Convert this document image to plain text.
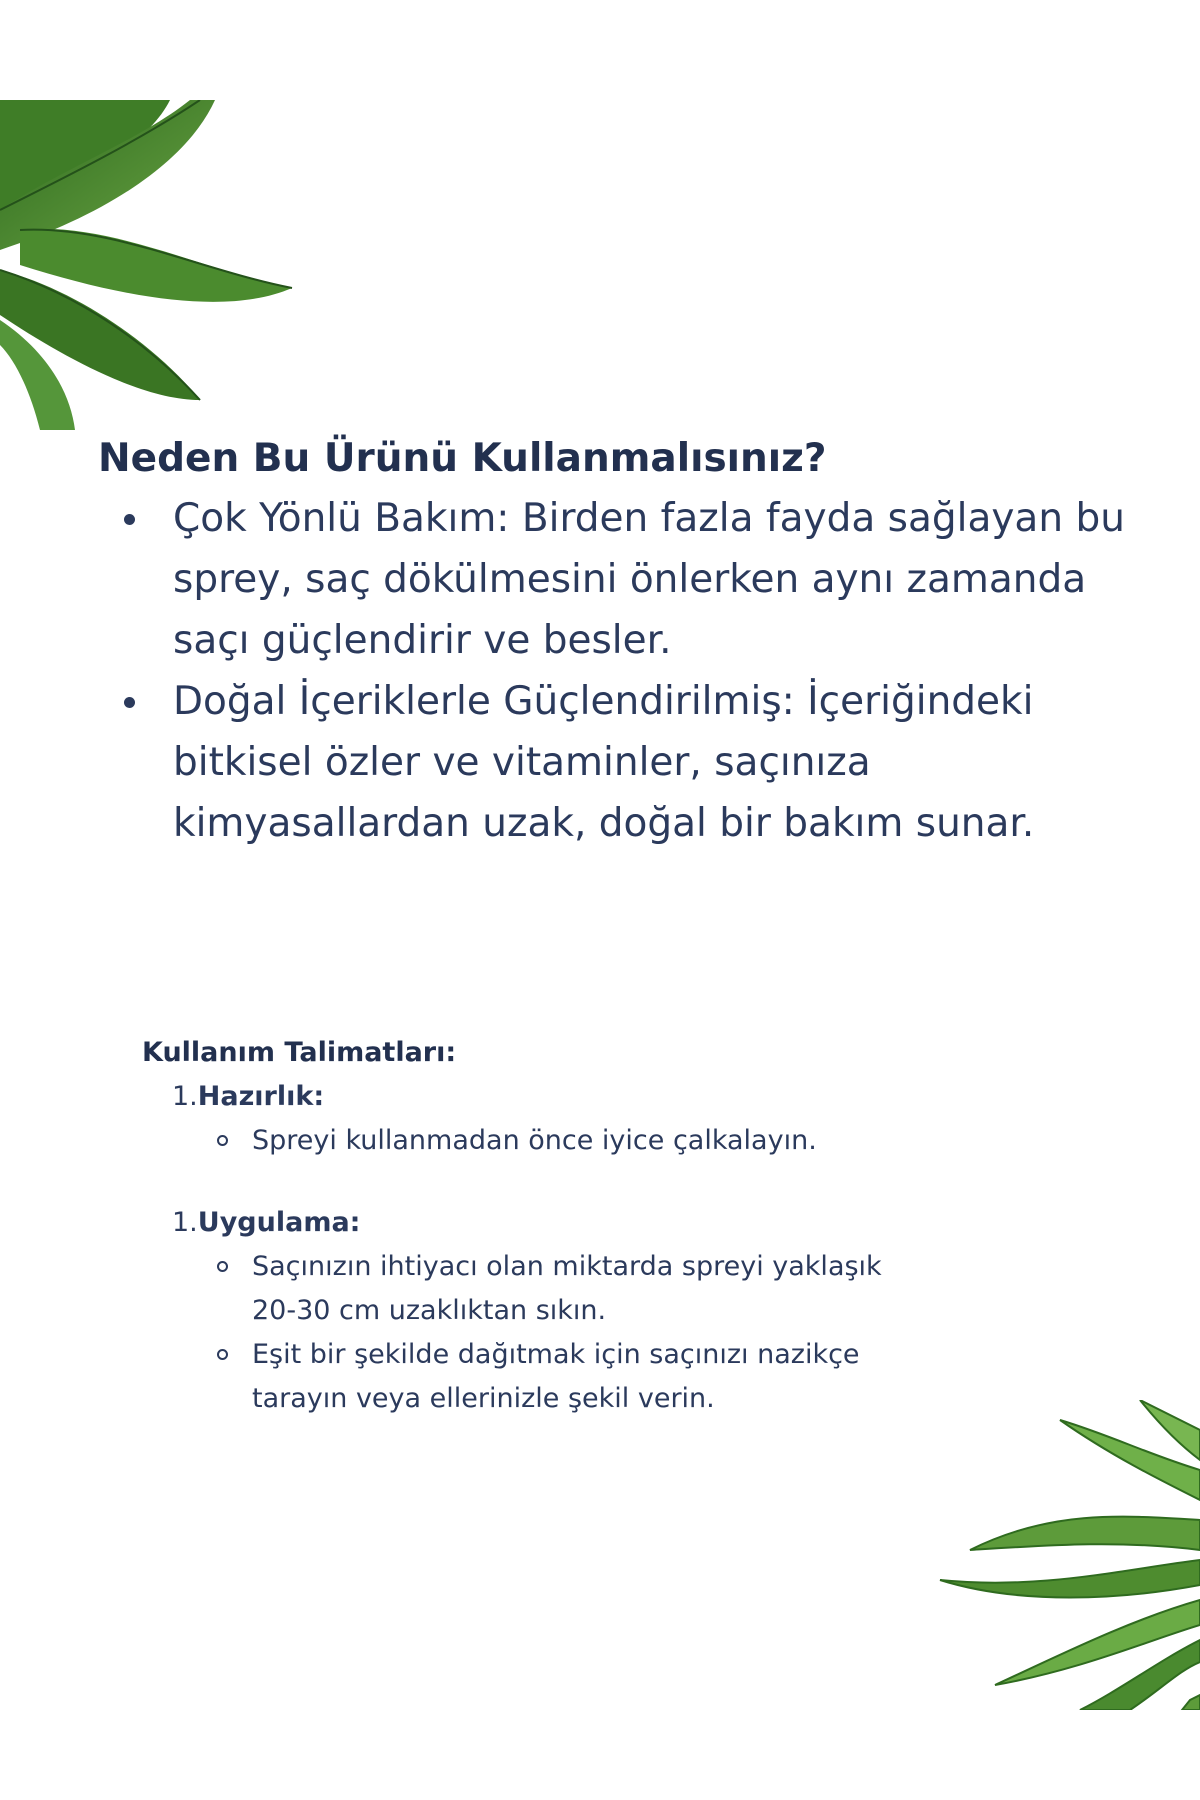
Neden Bu Ürünü Kullanmalısınız?
Çok Yönlü Bakım: Birden fazla fayda sağlayan bu sprey, saç dökülmesini önlerken aynı zamanda saçı güçlendirir ve besler.
Doğal İçeriklerle Güçlendirilmiş: İçeriğindeki bitkisel özler ve vitaminler, saçınıza kimyasallardan uzak, doğal bir bakım sunar.
Kullanım Talimatları:
1.Hazırlık:
Spreyi kullanmadan önce iyice çalkalayın.
1.Uygulama:
Saçınızın ihtiyacı olan miktarda spreyi yaklaşık 20-30 cm uzaklıktan sıkın.
Eşit bir şekilde dağıtmak için saçınızı nazikçe tarayın veya ellerinizle şekil verin.
